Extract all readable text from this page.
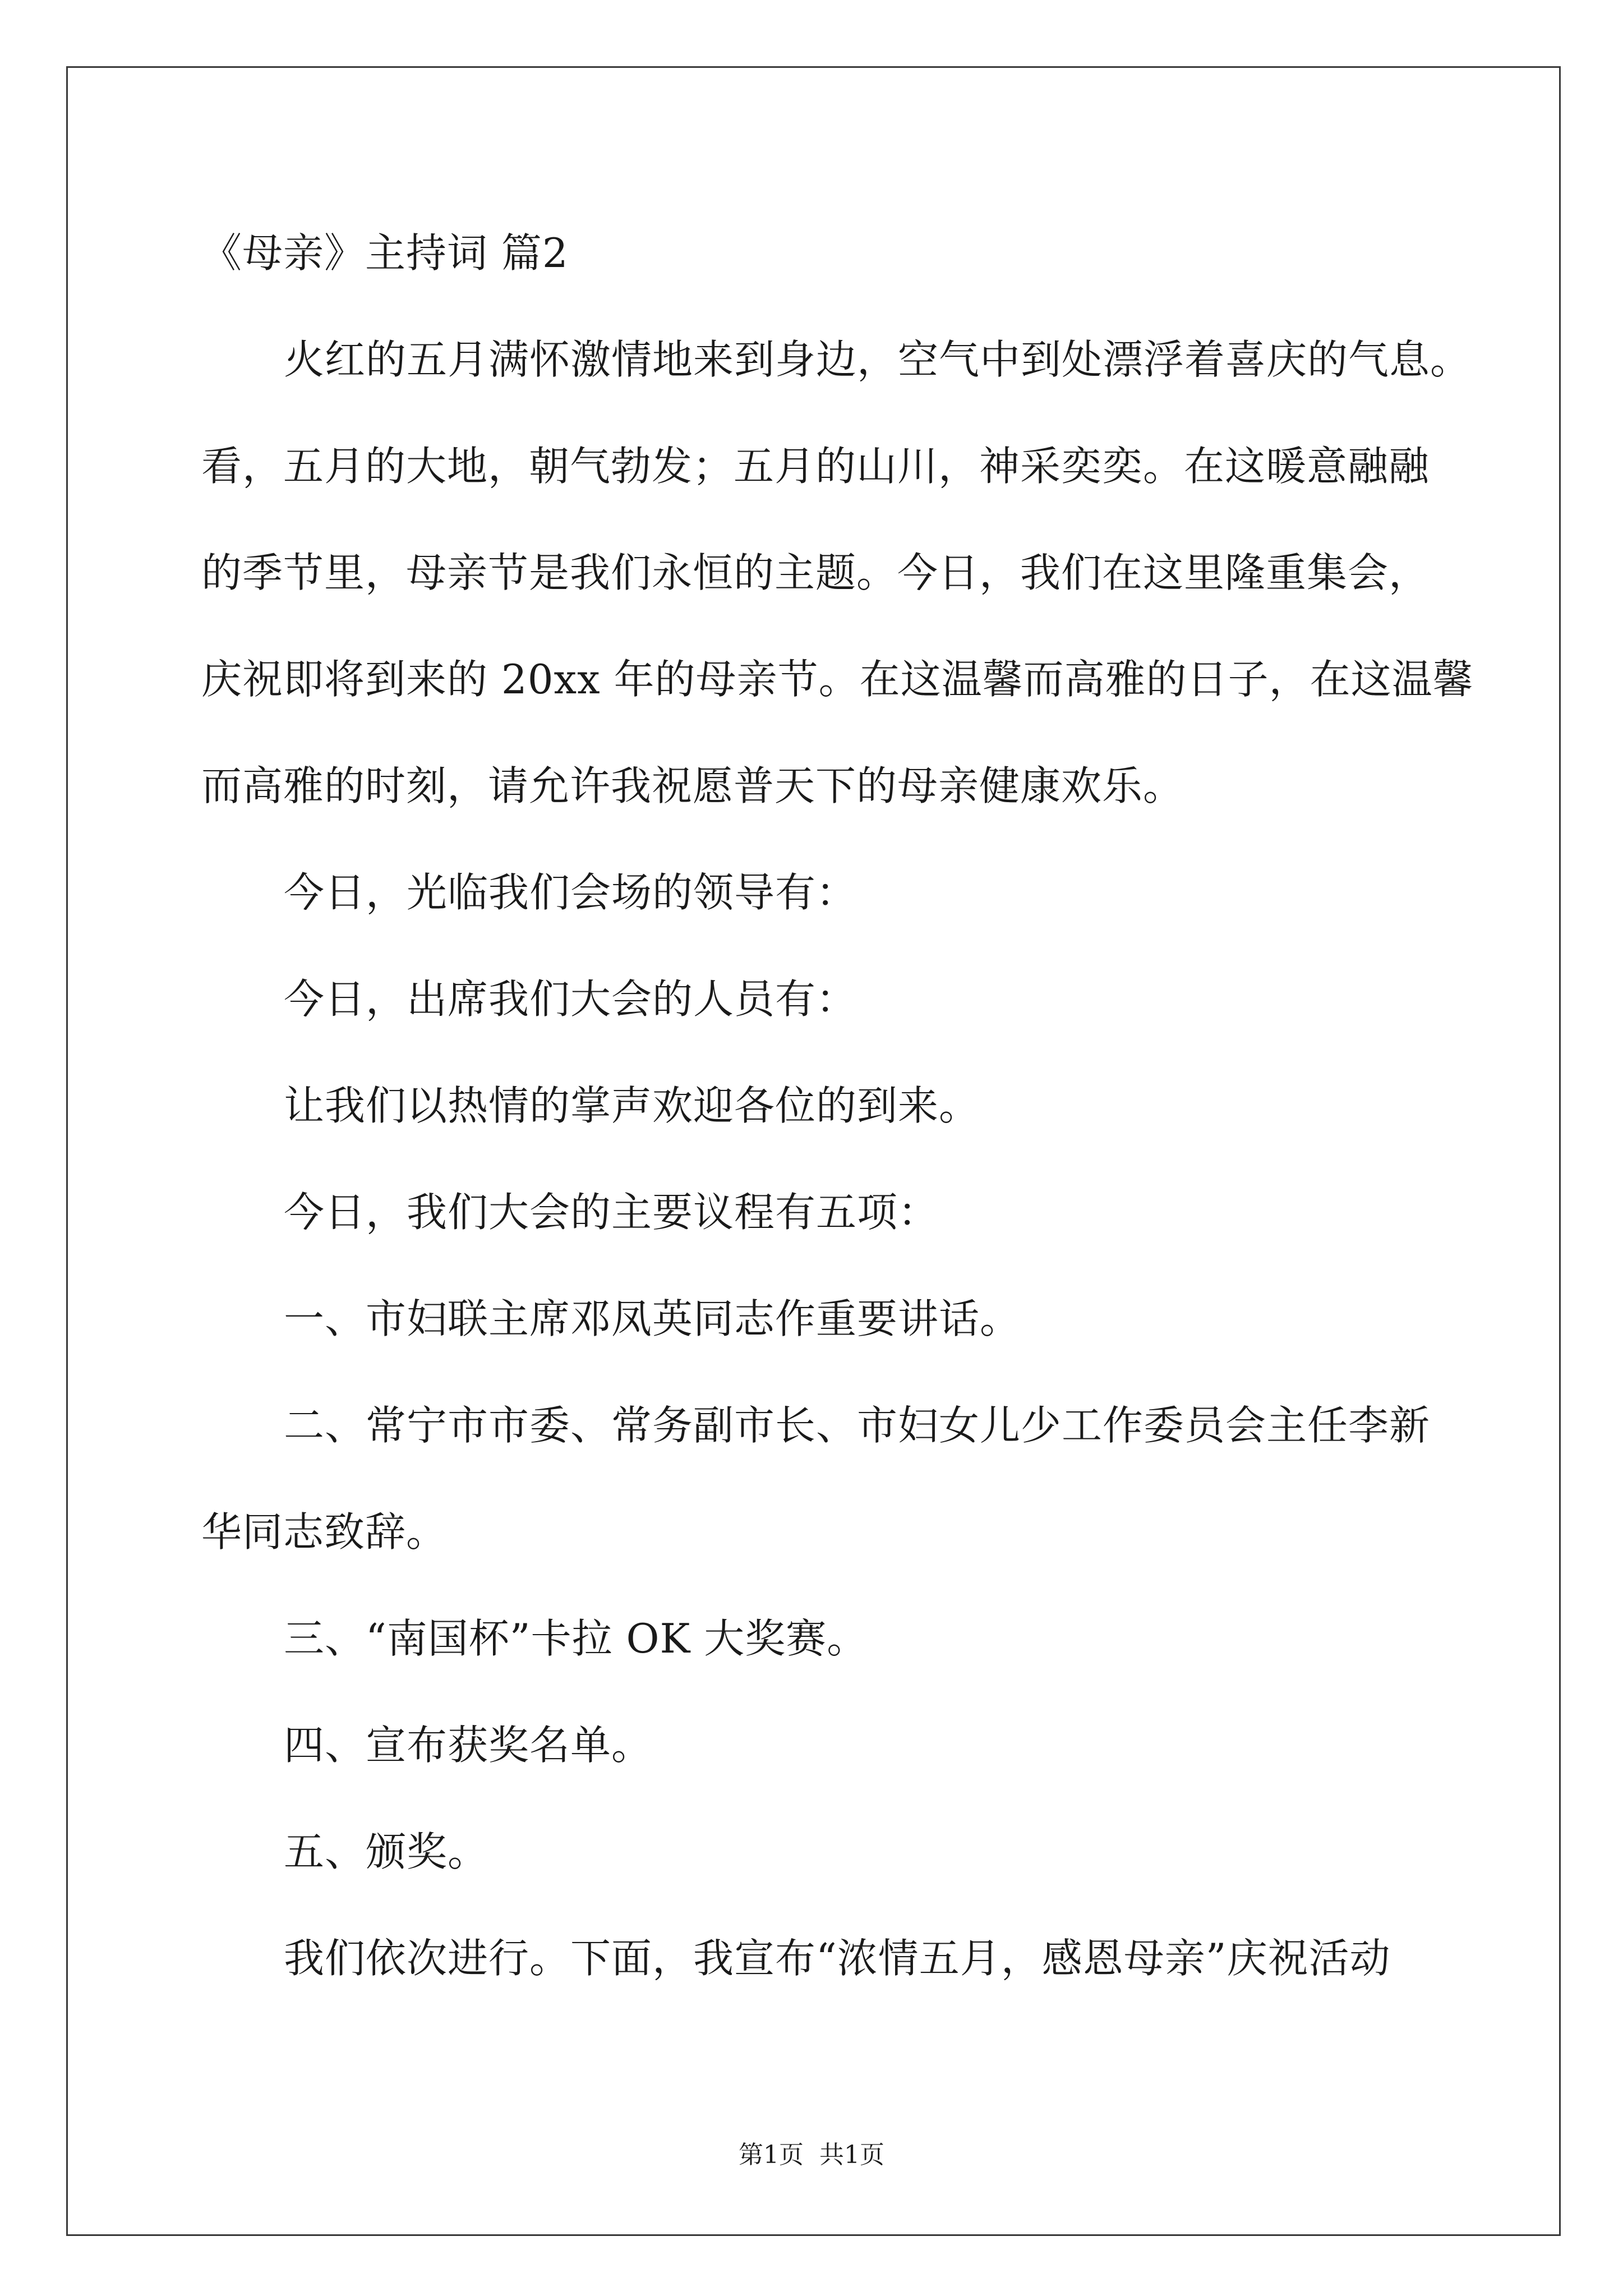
《母亲》主持词 篇2
火红的五月满怀激情地来到身边，空气中到处漂浮着喜庆的气息。
看，五月的大地，朝气勃发；五月的山川，神采奕奕。在这暖意融融
的季节里，母亲节是我们永恒的主题。今日，我们在这里隆重集会，
庆祝即将到来的 20xx 年的母亲节。在这温馨而高雅的日子，在这温馨
而高雅的时刻，请允许我祝愿普天下的母亲健康欢乐。
今日，光临我们会场的领导有：
今日，出席我们大会的人员有：
让我们以热情的掌声欢迎各位的到来。
今日，我们大会的主要议程有五项：
一、市妇联主席邓凤英同志作重要讲话。
二、常宁市市委、常务副市长、市妇女儿少工作委员会主任李新
华同志致辞。
三、“南国杯”卡拉 OK 大奖赛。
四、宣布获奖名单。
五、颁奖。
我们依次进行。下面，我宣布“浓情五月，感恩母亲”庆祝活动
第1页  共1页
